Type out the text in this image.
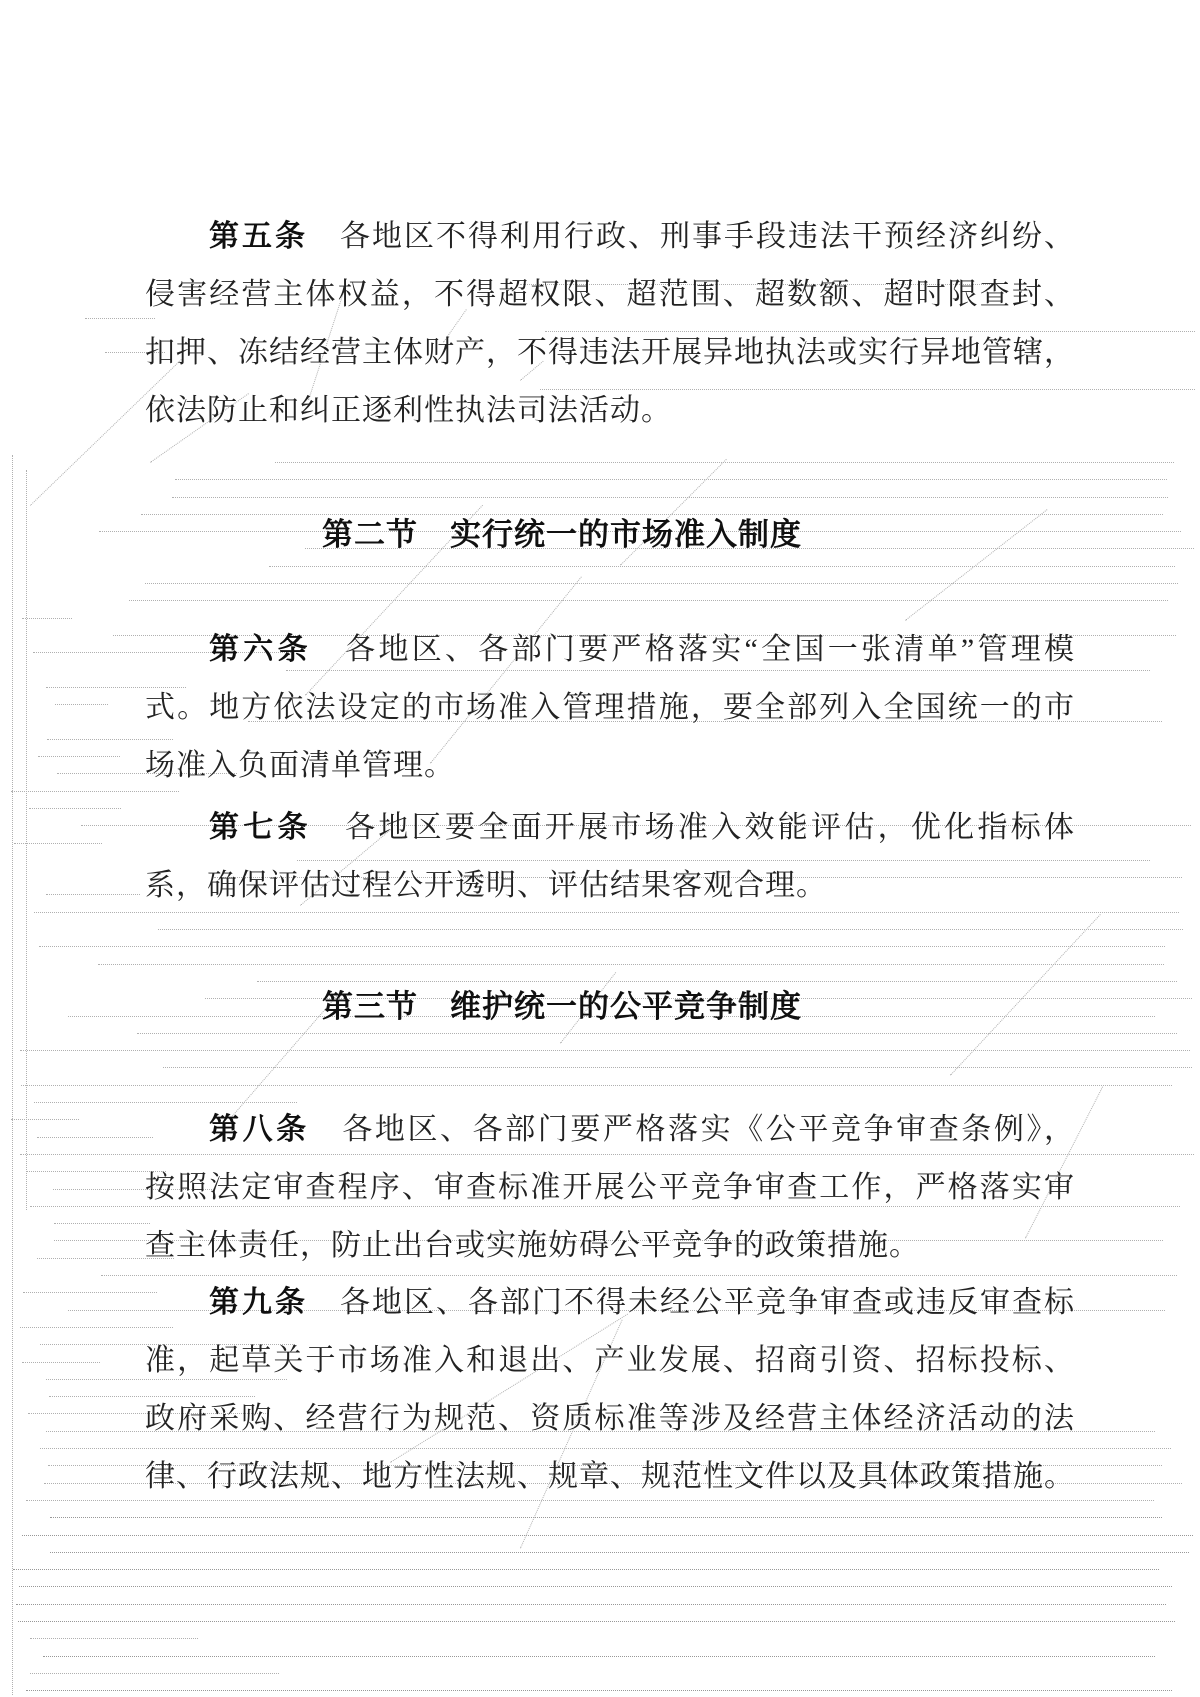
第五条　 各地区不得利用行政、刑事手段违法干预经济纠纷、
侵害经营主体权益，不得超权限、超范围、超数额、超时限查封、
扣押、冻结经营主体财产，不得违法开展异地执法或实行异地管辖，
依法防止和纠正逐利性执法司法活动。
第二节　 实行统一的市场准入制度
第六条　 各地区、各部门要严格落实“全国一张清单”管理模
式。地方依法设定的市场准入管理措施，要全部列入全国统一的市
场准入负面清单管理。
第七条　 各地区要全面开展市场准入效能评估，优化指标体
系，确保评估过程公开透明、评估结果客观合理。
第三节　 维护统一的公平竞争制度
第八条　 各地区、各部门要严格落实《公平竞争审查条例》，
按照法定审查程序、审查标准开展公平竞争审查工作，严格落实审
查主体责任，防止出台或实施妨碍公平竞争的政策措施。
第九条　 各地区、各部门不得未经公平竞争审查或违反审查标
准，起草关于市场准入和退出、产业发展、招商引资、招标投标、
政府采购、经营行为规范、资质标准等涉及经营主体经济活动的法
律、行政法规、地方性法规、规章、规范性文件以及具体政策措施。
